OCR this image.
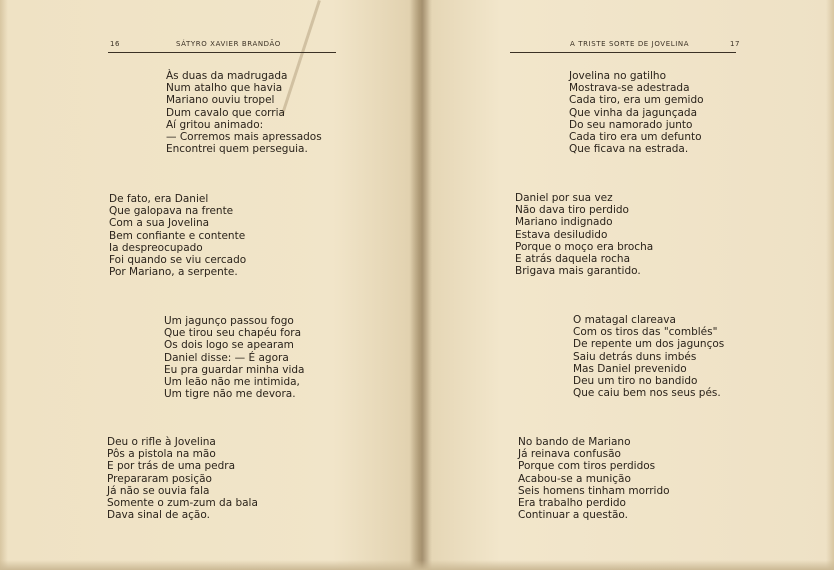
16	SÁTYRO XAVIER BRANDÃO
Às duas da madrugada
Num atalho que havia
Mariano ouviu tropel
Dum cavalo que corria
Aí gritou animado:
— Corremos mais apressados
Encontrei quem perseguia.
De fato, era Daniel
Que galopava na frente
Com a sua Jovelina
Bem confiante e contente
Ia despreocupado
Foi quando se viu cercado
Por Mariano, a serpente.
Um jagunço passou fogo
Que tirou seu chapéu fora
Os dois logo se apearam
Daniel disse: — É agora
Eu pra guardar minha vida
Um leão não me intimida,
Um tigre não me devora.
Deu o rifle à Jovelina
Pôs a pistola na mão
E por trás de uma pedra
Prepararam posição
Já não se ouvia fala
Somente o zum-zum da bala
Dava sinal de ação.
A TRISTE SORTE DE JOVELINA	17
Jovelina no gatilho
Mostrava-se adestrada
Cada tiro, era um gemido
Que vinha da jagunçada
Do seu namorado junto
Cada tiro era um defunto
Que ficava na estrada.
Daniel por sua vez
Não dava tiro perdido
Mariano indignado
Estava desiludido
Porque o moço era brocha
E atrás daquela rocha
Brigava mais garantido.
O matagal clareava
Com os tiros das "comblés"
De repente um dos jagunços
Saiu detrás duns imbés
Mas Daniel prevenido
Deu um tiro no bandido
Que caiu bem nos seus pés.
No bando de Mariano
Já reinava confusão
Porque com tiros perdidos
Acabou-se a munição
Seis homens tinham morrido
Era trabalho perdido
Continuar a questão.
